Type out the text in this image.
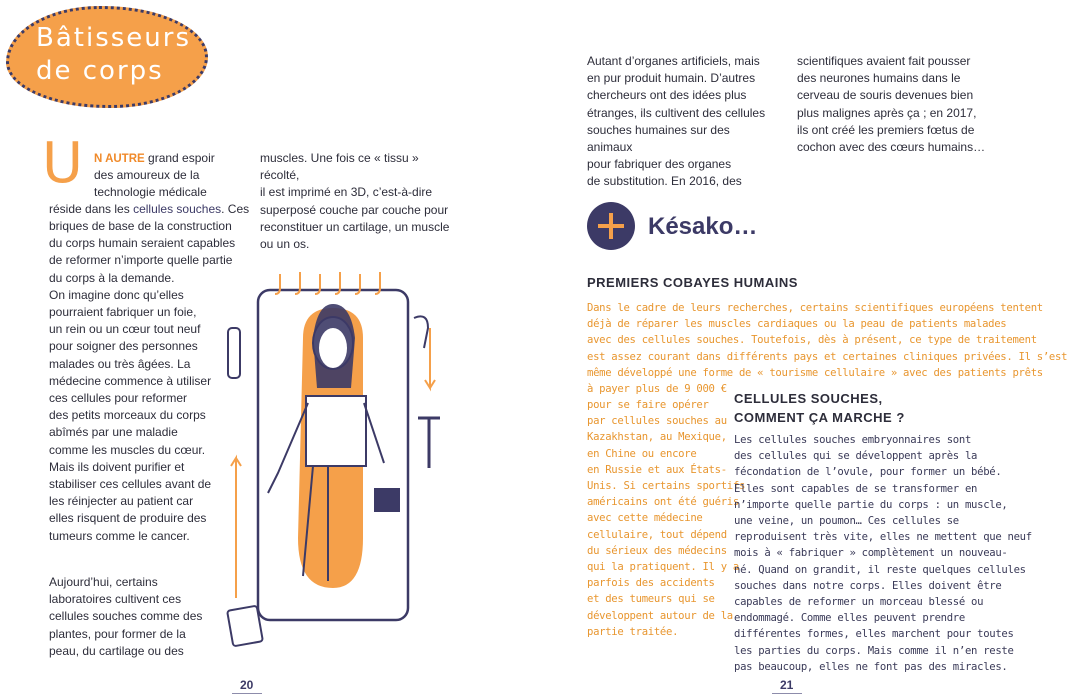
Bâtisseurs
de corps
U N AUTRE grand espoir
des amoureux de la
technologie médicale
réside dans les cellules souches. Ces
briques de base de la construction
du corps humain seraient capables
de reformer n’importe quelle partie
du corps à la demande.
On imagine donc qu’elles
pourraient fabriquer un foie,
un rein ou un cœur tout neuf
pour soigner des personnes
malades ou très âgées. La
médecine commence à utiliser
ces cellules pour reformer
des petits morceaux du corps
abîmés par une maladie
comme les muscles du cœur.
Mais ils doivent purifier et
stabiliser ces cellules avant de
les réinjecter au patient car
elles risquent de produire des
tumeurs comme le cancer.
Aujourd’hui, certains
laboratoires cultivent ces
cellules souches comme des
plantes, pour former de la
peau, du cartilage ou des
muscles. Une fois ce « tissu » récolté,
il est imprimé en 3D, c’est-à-dire
superposé couche par couche pour
reconstituer un cartilage, un muscle
ou un os.
20
Autant d’organes artificiels, mais
en pur produit humain. D’autres
chercheurs ont des idées plus
étranges, ils cultivent des cellules
souches humaines sur des animaux
pour fabriquer des organes
de substitution. En 2016, des
scientifiques avaient fait pousser
des neurones humains dans le
cerveau de souris devenues bien
plus malignes après ça ; en 2017,
ils ont créé les premiers fœtus de
cochon avec des cœurs humains…
Késako…
PREMIERS COBAYES HUMAINS
Dans le cadre de leurs recherches, certains scientifiques européens tentent
déjà de réparer les muscles cardiaques ou la peau de patients malades
avec des cellules souches. Toutefois, dès à présent, ce type de traitement
est assez courant dans différents pays et certaines cliniques privées. Il s’est
même développé une forme de « tourisme cellulaire » avec des patients prêts
à payer plus de 9 000 €
pour se faire opérer
par cellules souches au
Kazakhstan, au Mexique,
en Chine ou encore
en Russie et aux États-
Unis. Si certains sportifs
américains ont été guéris
avec cette médecine
cellulaire, tout dépend
du sérieux des médecins
qui la pratiquent. Il y a
parfois des accidents
et des tumeurs qui se
développent autour de la
partie traitée.
CELLULES SOUCHES,
COMMENT ÇA MARCHE ?
Les cellules souches embryonnaires sont
des cellules qui se développent après la
fécondation de l’ovule, pour former un bébé.
Elles sont capables de se transformer en
n’importe quelle partie du corps : un muscle,
une veine, un poumon… Ces cellules se
reproduisent très vite, elles ne mettent que neuf
mois à « fabriquer » complètement un nouveau-
né. Quand on grandit, il reste quelques cellules
souches dans notre corps. Elles doivent être
capables de reformer un morceau blessé ou
endommagé. Comme elles peuvent prendre
différentes formes, elles marchent pour toutes
les parties du corps. Mais comme il n’en reste
pas beaucoup, elles ne font pas des miracles.
21
